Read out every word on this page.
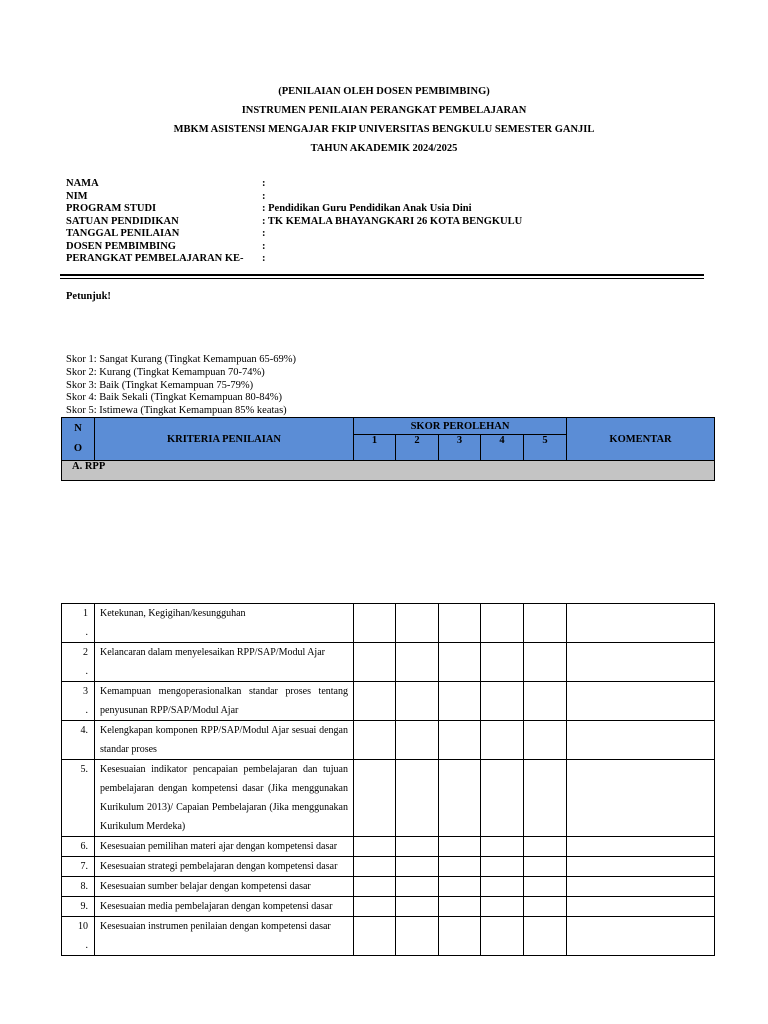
(PENILAIAN OLEH DOSEN PEMBIMBING)
INSTRUMEN PENILAIAN PERANGKAT PEMBELAJARAN
MBKM ASISTENSI MENGAJAR FKIP UNIVERSITAS BENGKULU SEMESTER GANJIL
TAHUN AKADEMIK 2024/2025
NAMA	:
NIM	:
PROGRAM STUDI	: Pendidikan Guru Pendidikan Anak Usia Dini
SATUAN PENDIDIKAN	: TK KEMALA BHAYANGKARI 26 KOTA BENGKULU
TANGGAL PENILAIAN	:
DOSEN PEMBIMBING	:
PERANGKAT PEMBELAJARAN KE-	:
Petunjuk!
Skor 1: Sangat Kurang (Tingkat Kemampuan 65-69%)
Skor 2: Kurang (Tingkat Kemampuan 70-74%)
Skor 3: Baik (Tingkat Kemampuan 75-79%)
Skor 4: Baik Sekali (Tingkat Kemampuan 80-84%)
Skor 5: Istimewa (Tingkat Kemampuan 85% keatas)
N
O	KRITERIA PENILAIAN	SKOR PEROLEHAN					KOMENTAR
		1	2	3	4	5	
A. RPP							
1
.	Ketekunan, Kegigihan/kesungguhan						
2
.	Kelancaran dalam menyelesaikan RPP/SAP/Modul Ajar						
3
.	Kemampuan mengoperasionalkan standar proses tentang penyusunan RPP/SAP/Modul Ajar						
4.	Kelengkapan komponen RPP/SAP/Modul Ajar sesuai dengan standar proses						
5.	Kesesuaian indikator pencapaian pembelajaran dan tujuan pembelajaran dengan kompetensi dasar (Jika menggunakan Kurikulum 2013)/ Capaian Pembelajaran (Jika menggunakan Kurikulum Merdeka)						
6.	Kesesuaian pemilihan materi ajar dengan kompetensi dasar						
7.	Kesesuaian strategi pembelajaran dengan kompetensi dasar						
8.	Kesesuaian sumber belajar dengan kompetensi dasar						
9.	Kesesuaian media pembelajaran dengan kompetensi dasar						
10
.	Kesesuaian instrumen penilaian dengan kompetensi dasar						
